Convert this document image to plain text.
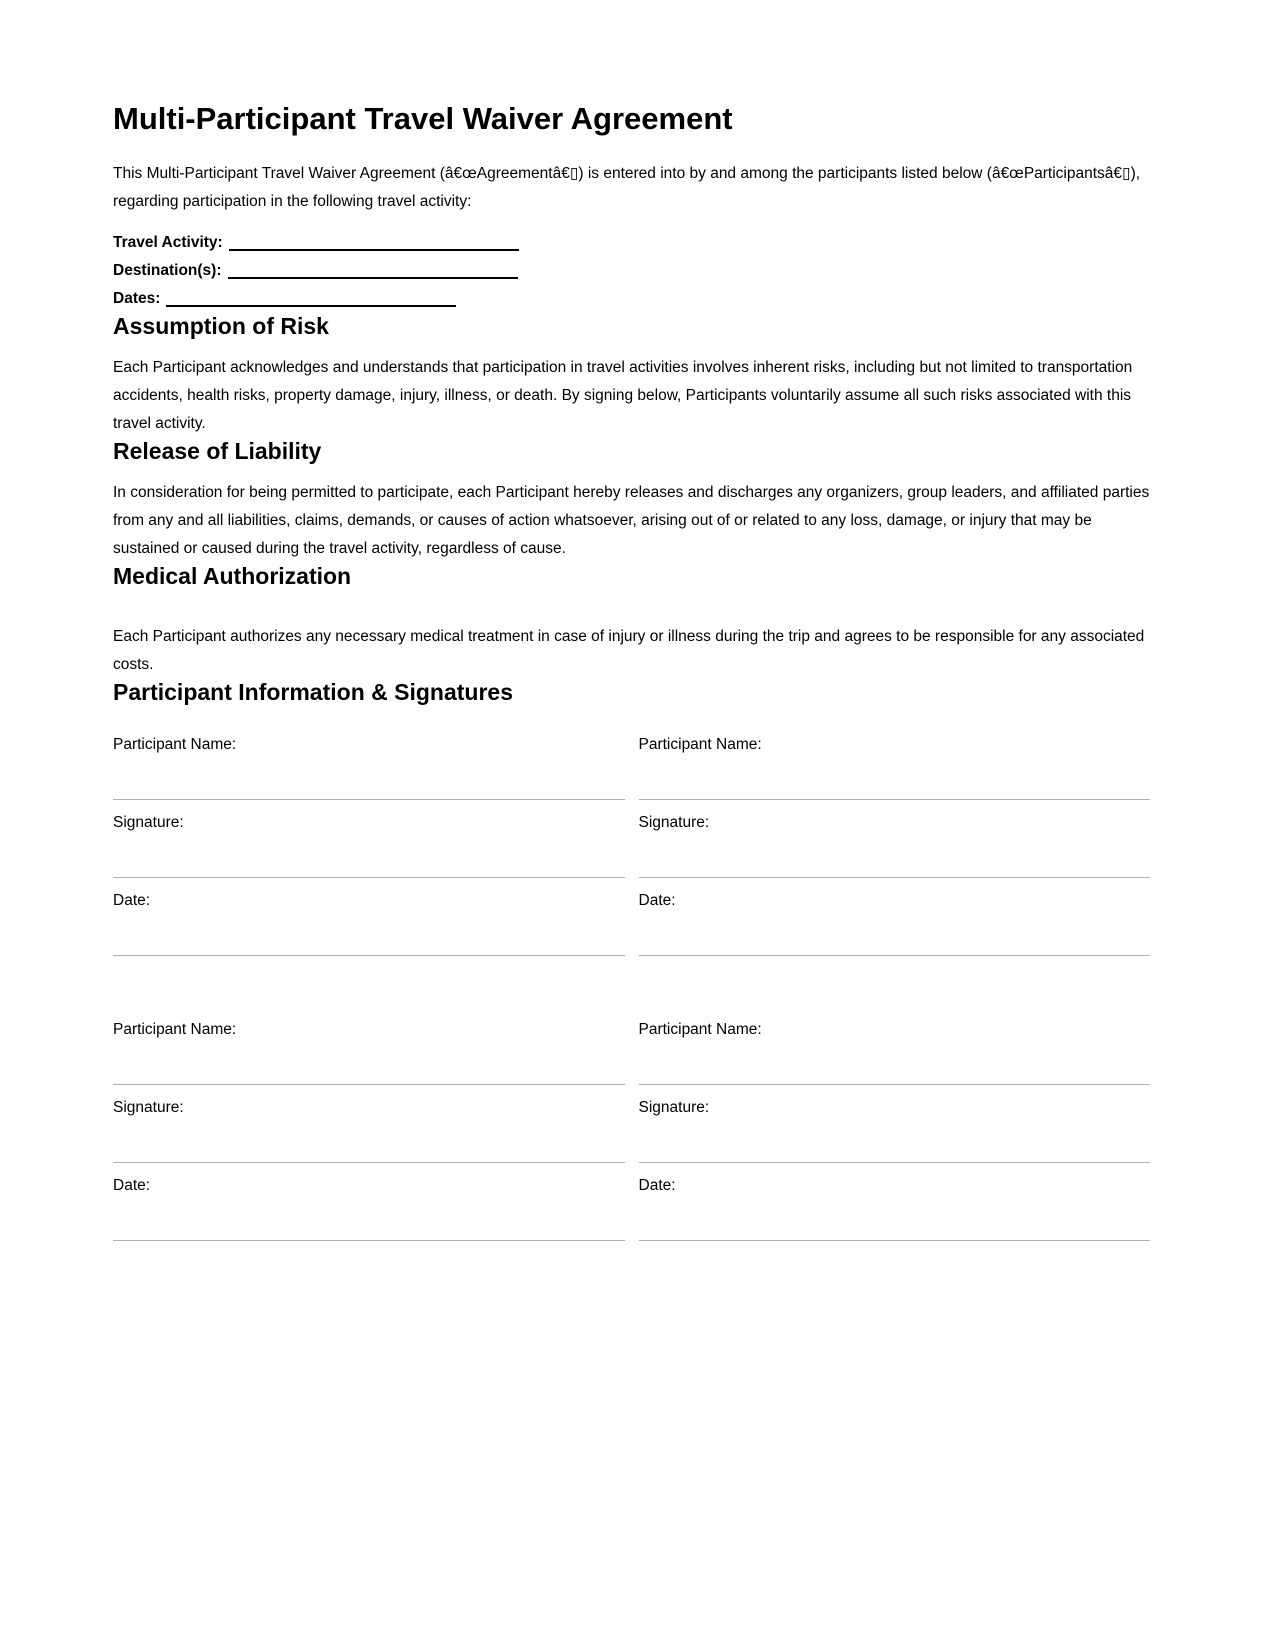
Multi-Participant Travel Waiver Agreement

This Multi-Participant Travel Waiver Agreement (â€œAgreementâ€▯) is entered into by and among the participants listed below (â€œParticipantsâ€▯), regarding participation in the following travel activity:

Travel Activity:
Destination(s):
Dates:
Assumption of Risk

Each Participant acknowledges and understands that participation in travel activities involves inherent risks, including but not limited to transportation accidents, health risks, property damage, injury, illness, or death. By signing below, Participants voluntarily assume all such risks associated with this travel activity.

Release of Liability

In consideration for being permitted to participate, each Participant hereby releases and discharges any organizers, group leaders, and affiliated parties from any and all liabilities, claims, demands, or causes of action whatsoever, arising out of or related to any loss, damage, or injury that may be sustained or caused during the travel activity, regardless of cause.

Medical Authorization

Each Participant authorizes any necessary medical treatment in case of injury or illness during the trip and agrees to be responsible for any associated costs.

Participant Information & Signatures
Participant Name:
Signature:
Date:
Participant Name:
Signature:
Date:
Participant Name:
Signature:
Date:
Participant Name:
Signature:
Date:
